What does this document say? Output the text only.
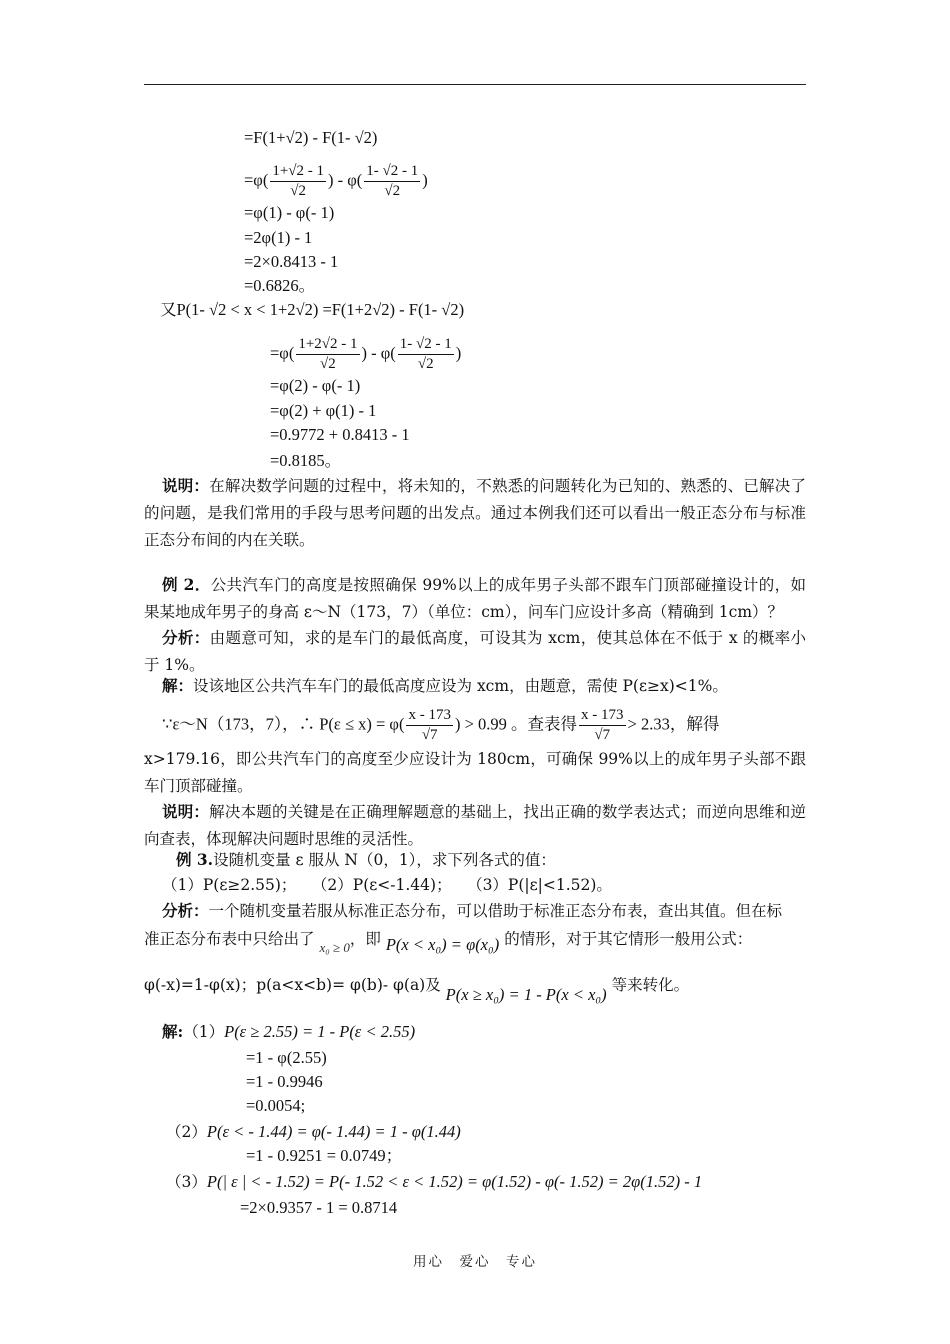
=F(1+√2) - F(1- √2)
$=\varphi( \frac{1+√2 - 1}{√2}$ ) - $\varphi( \frac{1- √2 - 1}{√2}$ )
=φ(1) - φ(- 1)
=2φ(1) - 1
=2×0.8413 - 1
=0.6826。
又P(1- √2 < x < 1+2√2) =F(1+2√2) - F(1- √2)
$=\varphi( \frac{1+2√2 - 1}{√2}$ ) - $\varphi( \frac{1- √2 - 1}{√2}$ )
=φ(2) - φ(- 1)
=φ(2) + φ(1) - 1
=0.9772 + 0.8413 - 1
=0.8185。
说明：在解决数学问题的过程中，将未知的，不熟悉的问题转化为已知的、熟悉的、已解决了的问题，是我们常用的手段与思考问题的出发点。通过本例我们还可以看出一般正态分布与标准正态分布间的内在关联。
例 2．公共汽车门的高度是按照确保 99%以上的成年男子头部不跟车门顶部碰撞设计的，如果某地成年男子的身高 ε～N（173，7）（单位：cm），问车门应设计多高（精确到 1cm）？
分析：由题意可知，求的是车门的最低高度，可设其为 xcm，使其总体在不低于 x 的概率小于 1%。
解：设该地区公共汽车车门的最低高度应设为 xcm，由题意，需使 P(ε≥x)<1%。
∵ε～N（173，7），∴ $P(\varepsilon \le x) = \varphi( \frac{x - 173}{√7}$ ) > 0.99 。查表得 $\frac{x - 173}{√7} > 2.33$，解得
x>179.16，即公共汽车门的高度至少应设计为 180cm，可确保 99%以上的成年男子头部不跟车门顶部碰撞。
说明：解决本题的关键是在正确理解题意的基础上，找出正确的数学表达式；而逆向思维和逆向查表，体现解决问题时思维的灵活性。
例 3.设随机变量 ε 服从 N（0，1），求下列各式的值：
（1）P(ε≥2.55)；　　（2）P(ε<-1.44)；　　（3）P(|ε|<1.52)。
分析：一个随机变量若服从标准正态分布，可以借助于标准正态分布表，查出其值。但在标
准正态分布表中只给出了 $_{x_0 \ge 0}$，即 P(x < x₀) = φ(x₀) 的情形，对于其它情形一般用公式：
φ(-x)=1-φ(x)；p(a<x<b)= φ(b)- φ(a)及 P(x ≥ x₀) = 1 - P(x < x₀) 等来转化。
解:（1）P(ε ≥ 2.55) = 1 - P(ε < 2.55)
=1 - φ(2.55)
=1 - 0.9946
=0.0054;
（2）P(ε < - 1.44) = φ(- 1.44) = 1 - φ(1.44)
=1 - 0.9251 = 0.0749；
（3）P(| ε | < - 1.52) = P(- 1.52 < ε < 1.52) = φ(1.52) - φ(- 1.52) = 2φ(1.52) - 1
=2×0.9357 - 1 = 0.8714
用心　爱心　专心
